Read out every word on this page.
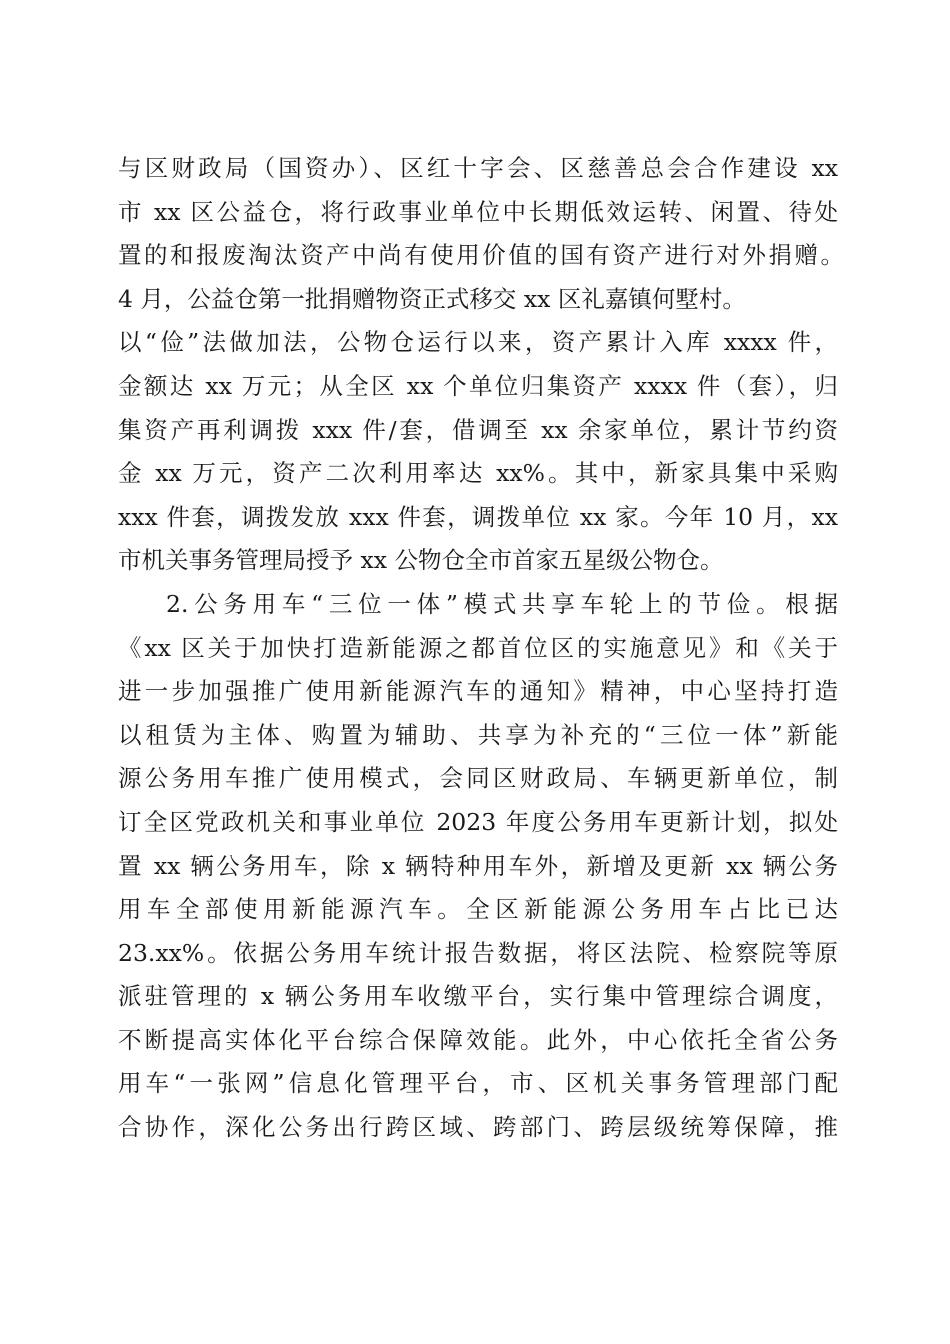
与区财政局（国资办）、区红十字会、区慈善总会合作建设 xx
市 xx 区公益仓，将行政事业单位中长期低效运转、闲置、待处
置的和报废淘汰资产中尚有使用价值的国有资产进行对外捐赠。
4 月，公益仓第一批捐赠物资正式移交 xx 区礼嘉镇何墅村。
以“俭”法做加法，公物仓运行以来，资产累计入库 xxxx 件，
金额达 xx 万元；从全区 xx 个单位归集资产 xxxx 件（套），归
集资产再利调拨 xxx 件/套，借调至 xx 余家单位，累计节约资
金 xx 万元，资产二次利用率达 xx%。其中，新家具集中采购
xxx 件套，调拨发放 xxx 件套，调拨单位 xx 家。今年 10 月，xx
市机关事务管理局授予 xx 公物仓全市首家五星级公物仓。
2.公务用车“三位一体”模式共享车轮上的节俭。根据
《xx 区关于加快打造新能源之都首位区的实施意见》和《关于
进一步加强推广使用新能源汽车的通知》精神，中心坚持打造
以租赁为主体、购置为辅助、共享为补充的“三位一体”新能
源公务用车推广使用模式，会同区财政局、车辆更新单位，制
订全区党政机关和事业单位 2023 年度公务用车更新计划，拟处
置 xx 辆公务用车，除 x 辆特种用车外，新增及更新 xx 辆公务
用车全部使用新能源汽车。全区新能源公务用车占比已达
23.xx%。依据公务用车统计报告数据，将区法院、检察院等原
派驻管理的 x 辆公务用车收缴平台，实行集中管理综合调度，
不断提高实体化平台综合保障效能。此外，中心依托全省公务
用车“一张网”信息化管理平台，市、区机关事务管理部门配
合协作，深化公务出行跨区域、跨部门、跨层级统筹保障，推
